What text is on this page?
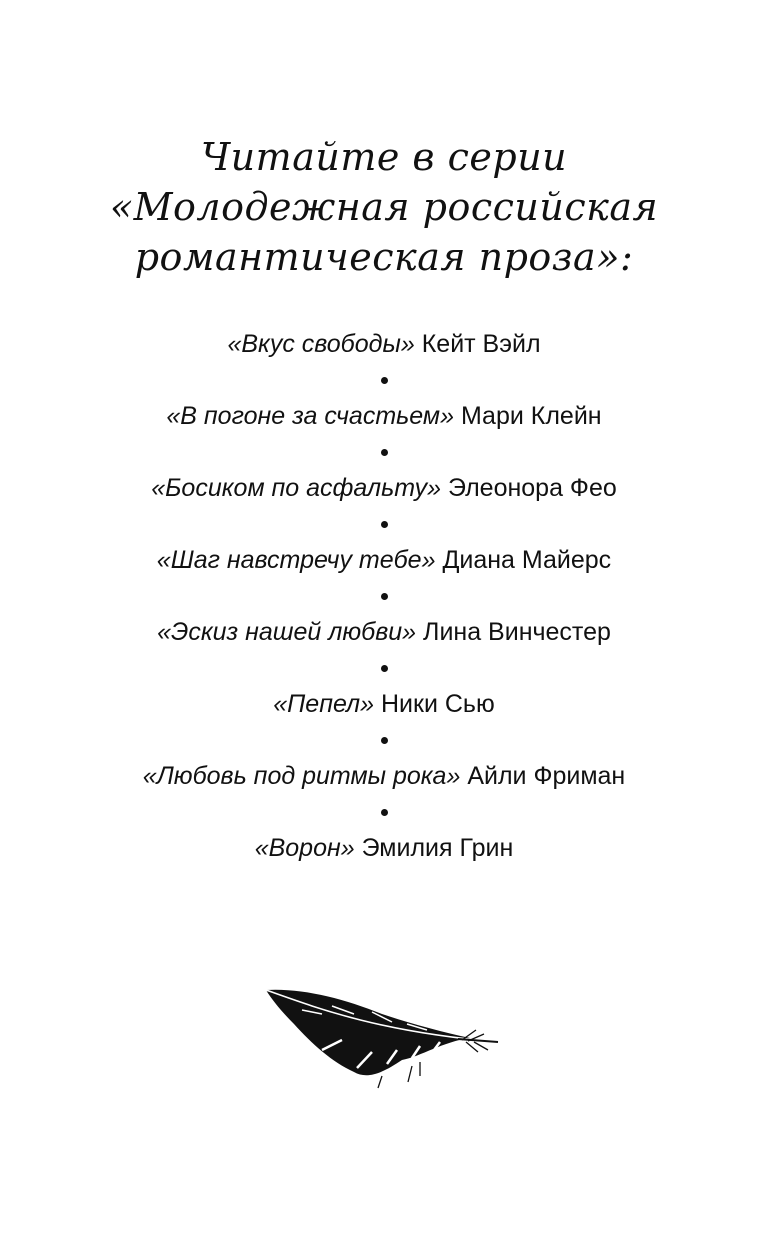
Читайте в серии
«Молодежная российская
романтическая проза»:
«Вкус свободы» Кейт Вэйл
«В погоне за счастьем» Мари Клейн
«Босиком по асфальту» Элеонора Фео
«Шаг навстречу тебе» Диана Майерс
«Эскиз нашей любви» Лина Винчестер
«Пепел» Ники Сью
«Любовь под ритмы рока» Айли Фриман
«Ворон» Эмилия Грин
